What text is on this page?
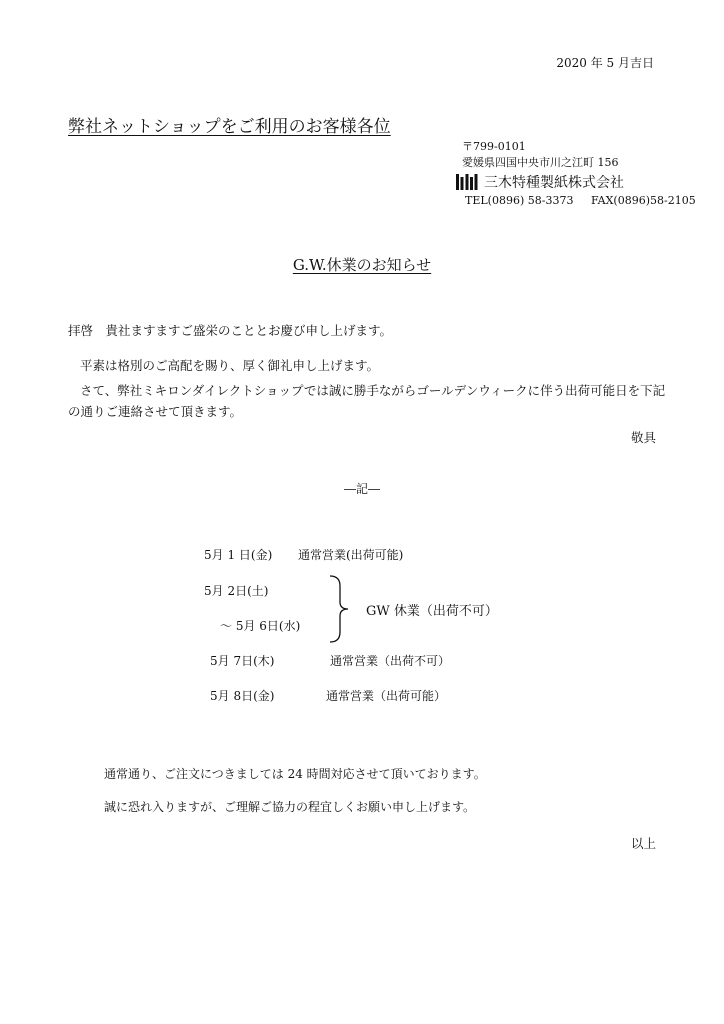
2020 年 5 月吉日
弊社ネットショップをご利用のお客様各位
〒799-0101
愛媛県四国中央市川之江町 156
三木特種製紙株式会社
TEL(0896) 58-3373 FAX(0896)58-2105
G.W.休業のお知らせ
拝啓　貴社ますますご盛栄のこととお慶び申し上げます。
平素は格別のご高配を賜り、厚く御礼申し上げます。
さて、弊社ミキロンダイレクトショップでは誠に勝手ながらゴールデンウィークに伴う出荷可能日を下記
の通りご連絡させて頂きます。
敬具
―記―
5月 1 日(金) 通常営業(出荷可能)
5月 2日(土)
～ 5月 6日(水)
GW 休業（出荷不可）
5月 7日(木)	通常営業（出荷不可）
5月 8日(金)	通常営業（出荷可能）
通常通り、ご注文につきましては 24 時間対応させて頂いております。
誠に恐れ入りますが、ご理解ご協力の程宜しくお願い申し上げます。
以上
